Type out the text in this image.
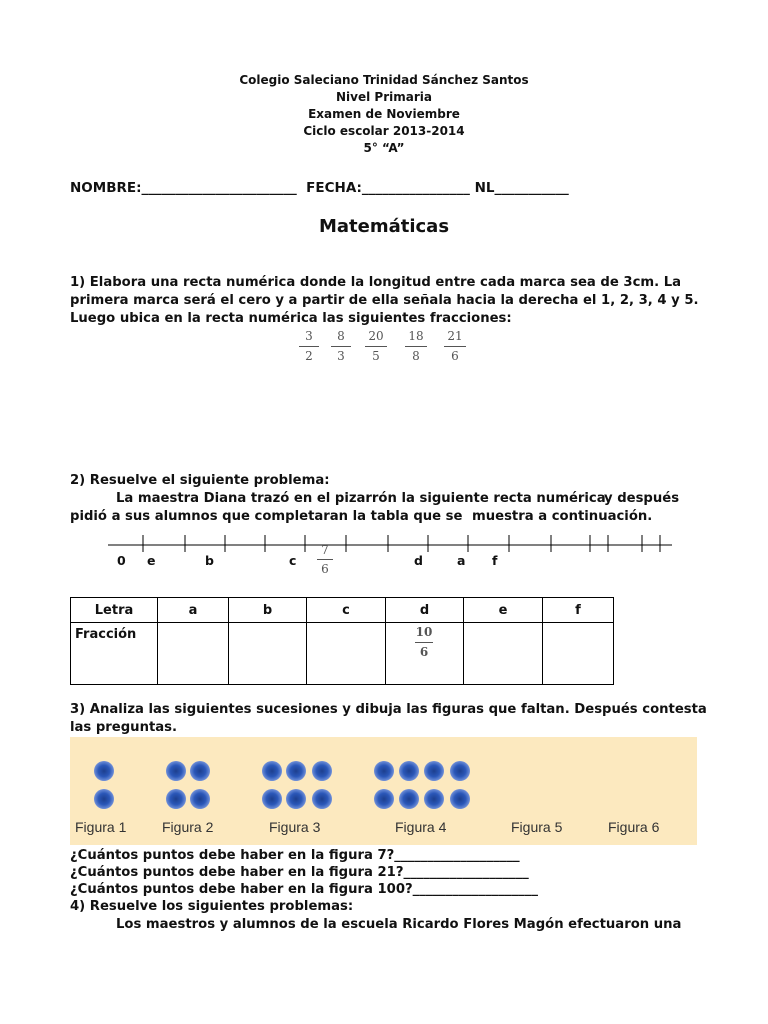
Colegio Saleciano Trinidad Sánchez Santos
Nivel Primaria
Examen de Noviembre
Ciclo escolar 2013-2014
5° “A”
NOMBRE:_______________________  FECHA:________________ NL___________
Matemáticas
1) Elabora una recta numérica donde la longitud entre cada marca sea de 3cm. La
primera marca será el cero y a partir de ella señala hacia la derecha el 1, 2, 3, 4 y 5.
Luego ubica en la recta numérica las siguientes fracciones:
3
2
8
3
20
5
18
8
21
6
2) Resuelve el siguiente problema:
La maestra Diana trazó en el pizarrón la siguiente recta numérica
y después
pidió a sus alumnos que completaran la tabla que se muestra a continuación.
0 e	b	c	d	a f
7
6
Letra	a	b	c	d	e	f
Fracción				10
6		

3) Analiza las siguientes sucesiones y dibuja las figuras que faltan. Después contesta
las preguntas.
Figura 1	Figura 2	Figura 3	Figura 4	Figura 5	Figura 6
¿Cuántos puntos debe haber en la figura 7?___________________
¿Cuántos puntos debe haber en la figura 21?___________________
¿Cuántos puntos debe haber en la figura 100?___________________
4) Resuelve los siguientes problemas:
Los maestros y alumnos de la escuela Ricardo Flores Magón efectuaron una
